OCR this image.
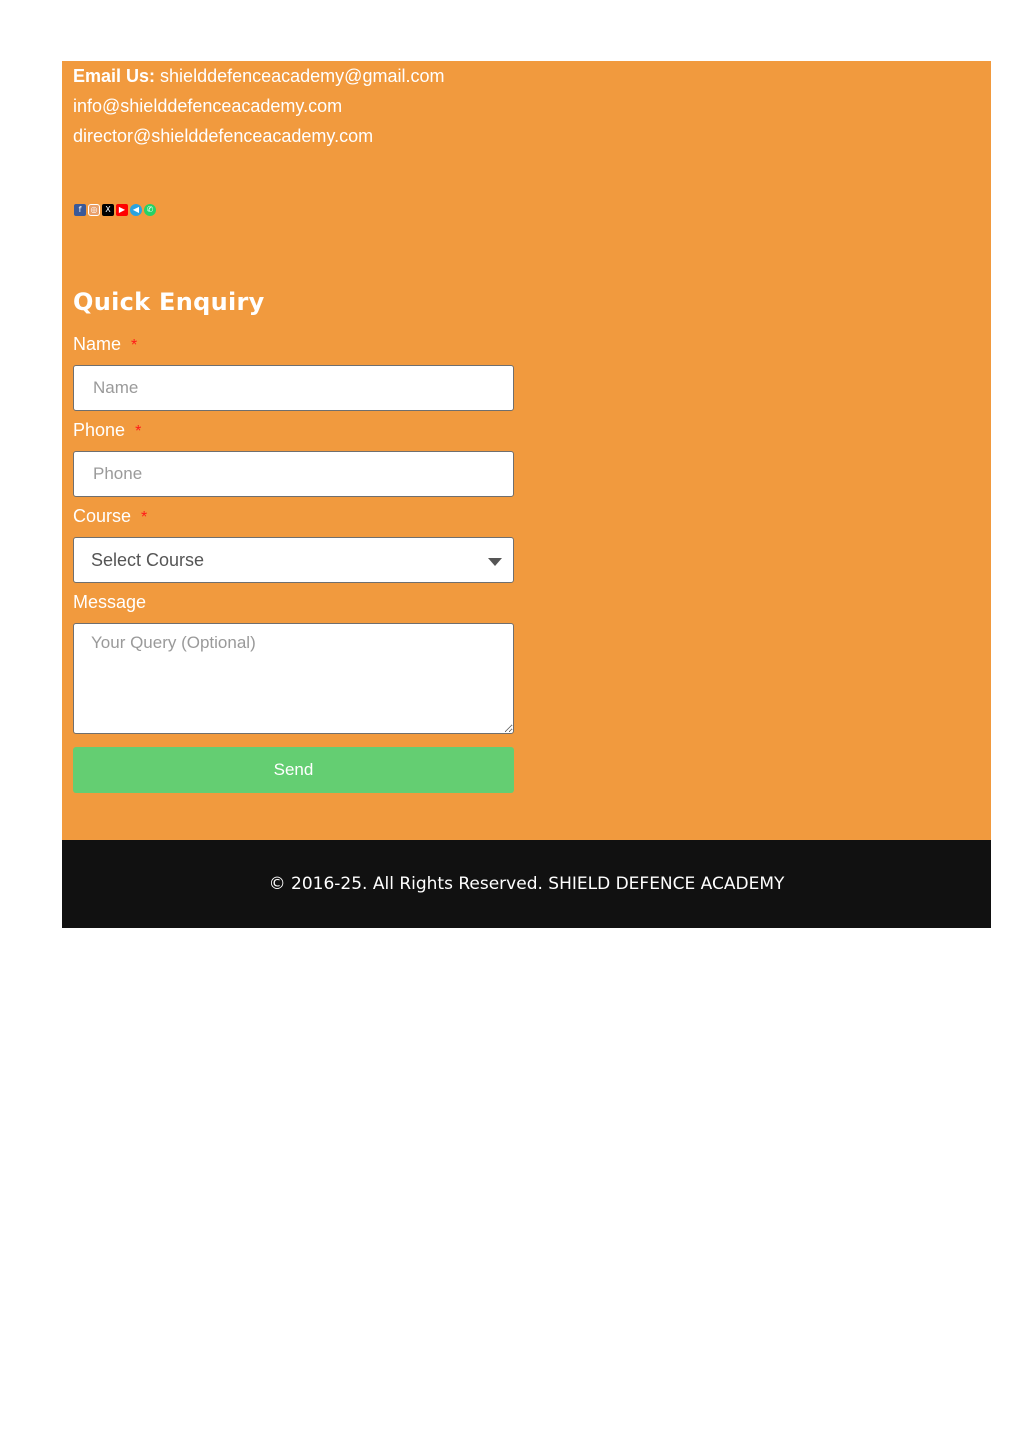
Email Us: shielddefenceacademy@gmail.com
info@shielddefenceacademy.com
director@shielddefenceacademy.com
f	◎ X	▶ ◀ ✆
Quick Enquiry
Name *
Name
Phone *
Phone
Course *
Select Course
Message
Your Query (Optional)
Send
© 2016-25. All Rights Reserved. SHIELD DEFENCE ACADEMY
